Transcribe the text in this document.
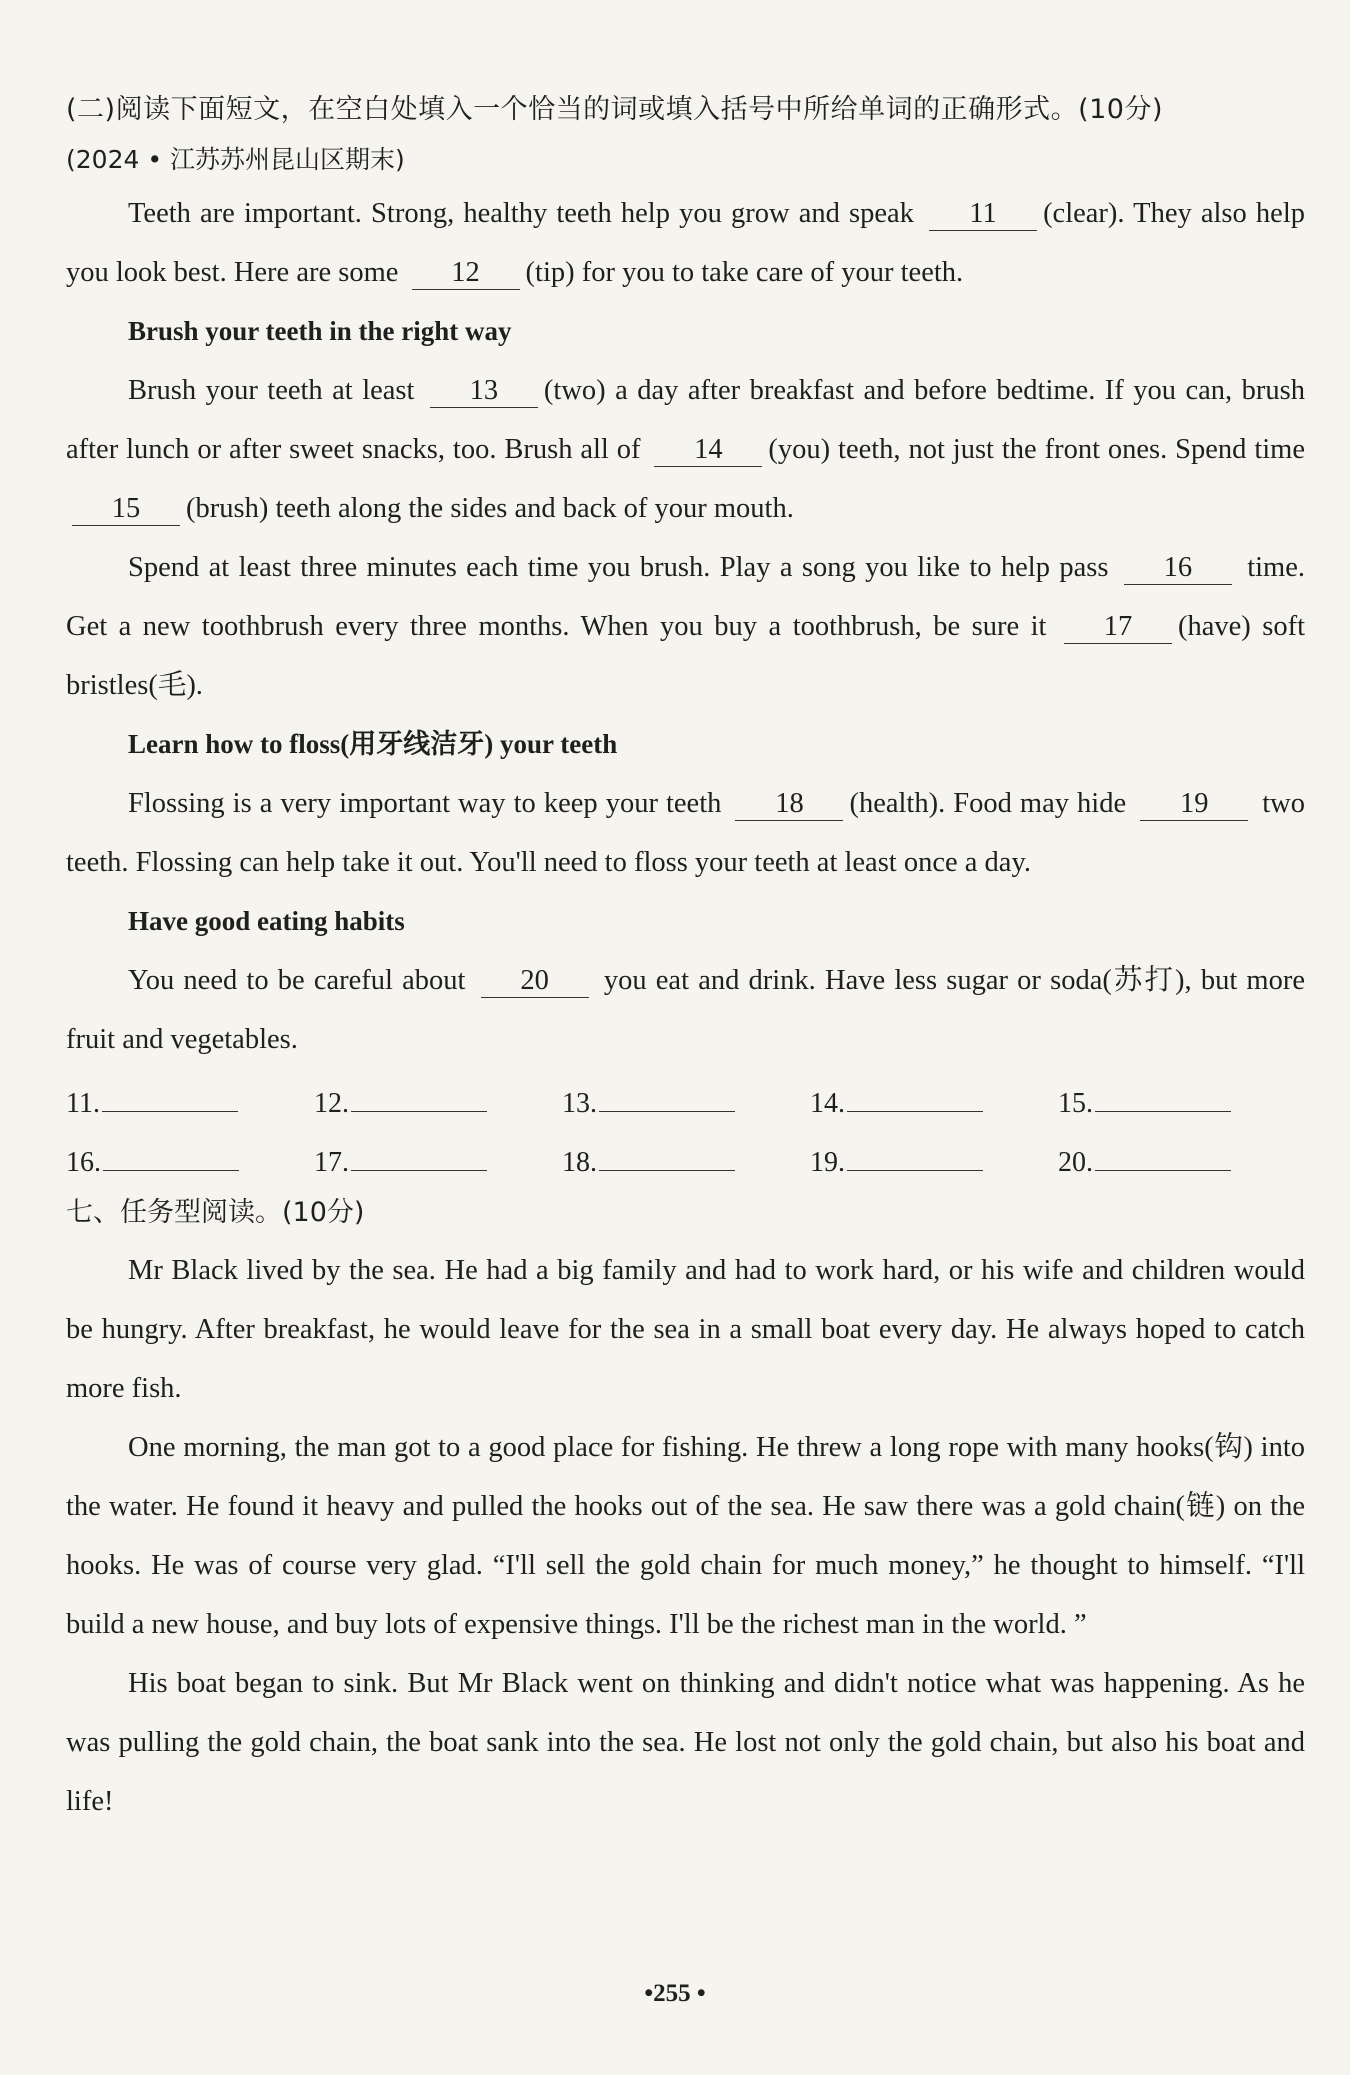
(二)阅读下面短文，在空白处填入一个恰当的词或填入括号中所给单词的正确形式。(10分)
(2024 • 江苏苏州昆山区期末)

Teeth are important. Strong, healthy teeth help you grow and speak 11 (clear). They also help you look best. Here are some 12 (tip) for you to take care of your teeth.

Brush your teeth in the right way

Brush your teeth at least 13 (two) a day after breakfast and before bedtime. If you can, brush after lunch or after sweet snacks, too. Brush all of 14 (you) teeth, not just the front ones. Spend time 15 (brush) teeth along the sides and back of your mouth.

Spend at least three minutes each time you brush. Play a song you like to help pass 16 time. Get a new toothbrush every three months. When you buy a toothbrush, be sure it 17 (have) soft bristles(毛).

Learn how to floss(用牙线洁牙) your teeth

Flossing is a very important way to keep your teeth 18 (health). Food may hide 19 two teeth. Flossing can help take it out. You'll need to floss your teeth at least once a day.

Have good eating habits

You need to be careful about 20 you eat and drink. Have less sugar or soda(苏打), but more fruit and vegetables.

11.	12.	13.	14.	15.
16.	17.	18.	19.	20.
七、任务型阅读。(10分)

Mr Black lived by the sea. He had a big family and had to work hard, or his wife and children would be hungry. After breakfast, he would leave for the sea in a small boat every day. He always hoped to catch more fish.

One morning, the man got to a good place for fishing. He threw a long rope with many hooks(钩) into the water. He found it heavy and pulled the hooks out of the sea. He saw there was a gold chain(链) on the hooks. He was of course very glad. “I'll sell the gold chain for much money,” he thought to himself. “I'll build a new house, and buy lots of expensive things. I'll be the richest man in the world. ”

His boat began to sink. But Mr Black went on thinking and didn't notice what was happening. As he was pulling the gold chain, the boat sank into the sea. He lost not only the gold chain, but also his boat and life!

•255 •
